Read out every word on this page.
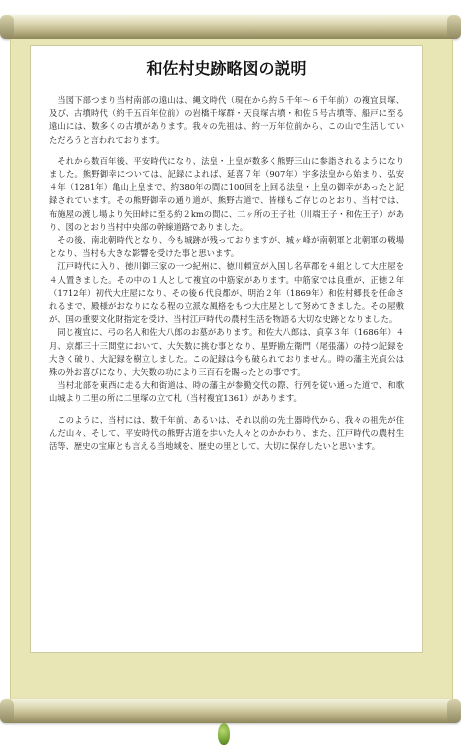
和佐村史跡略図の説明

当図下部つまり当村南部の遠山は、縄文時代（現在から約５千年～６千年前）の複宜貝塚、及び、古墳時代（約千五百年位前）の岩橋千塚群・天良塚古墳・和佐５号古墳等、船戸に至る遠山には、数多くの古墳があります。我々の先祖は、約一万年位前から、この山で生活していただろうと言われております。

それから数百年後、平安時代になり、法皇・上皇が数多く熊野三山に参詣されるようになりました。熊野御幸については、記録によれば、延喜７年（907年）宇多法皇から始まり、弘安４年（1281年）亀山上皇まで、約380年の間に100回を上回る法皇・上皇の御幸があったと記録されています。その熊野御幸の通り道が、熊野古道で、皆様もご存じのとおり、当村では、布施屋の渡し場より矢田峠に至る約２kmの間に、二ヶ所の王子社（川端王子・和佐王子）があり、図のとおり当村中央部の幹線道路でありました。

その後、南北朝時代となり、今も城跡が残っておりますが、城ヶ峰が南朝軍と北朝軍の戦場となり、当村も大きな影響を受けた事と思います。

江戸時代に入り、徳川御三家の一つ紀州に、徳川頼宣が入国し名草郡を４組として大庄屋を４人置きました。その中の１人として複宜の中筋家があります。中筋家では良重が、正徳２年（1712年）初代大庄屋になり、その後６代良都が、明治２年（1869年）和佐村郷長を任命されるまで、殿様がおなりになる程の立派な風格をもつ大庄屋として努めてきました。その屋敷が、国の重要文化財指定を受け、当村江戸時代の農村生活を物語る大切な史跡となりました。

同じ複宜に、弓の名人和佐大八郎のお墓があります。和佐大八郎は、貞享３年（1686年）４月、京都三十三間堂において、大矢数に挑む事となり、星野勘左衛門（尾張藩）の持つ記録を大きく破り、大記録を樹立しました。この記録は今も破られておりません。時の藩主光貞公は殊の外お喜びになり、大矢数の功により三百石を賜ったとの事です。

当村北部を東西に走る大和街道は、時の藩主が参勤交代の際、行列を従い通った道で、和歌山城より二里の所に二里塚の立て札（当村複宜1361）があります。

このように、当村には、数千年前、あるいは、それ以前の先土器時代から、我々の祖先が住んだ山々、そして、平安時代の熊野古道を歩いた人々とのかかわり、また、江戸時代の農村生活等、歴史の宝庫とも言える当地域を、歴史の里として、大切に保存したいと思います。
